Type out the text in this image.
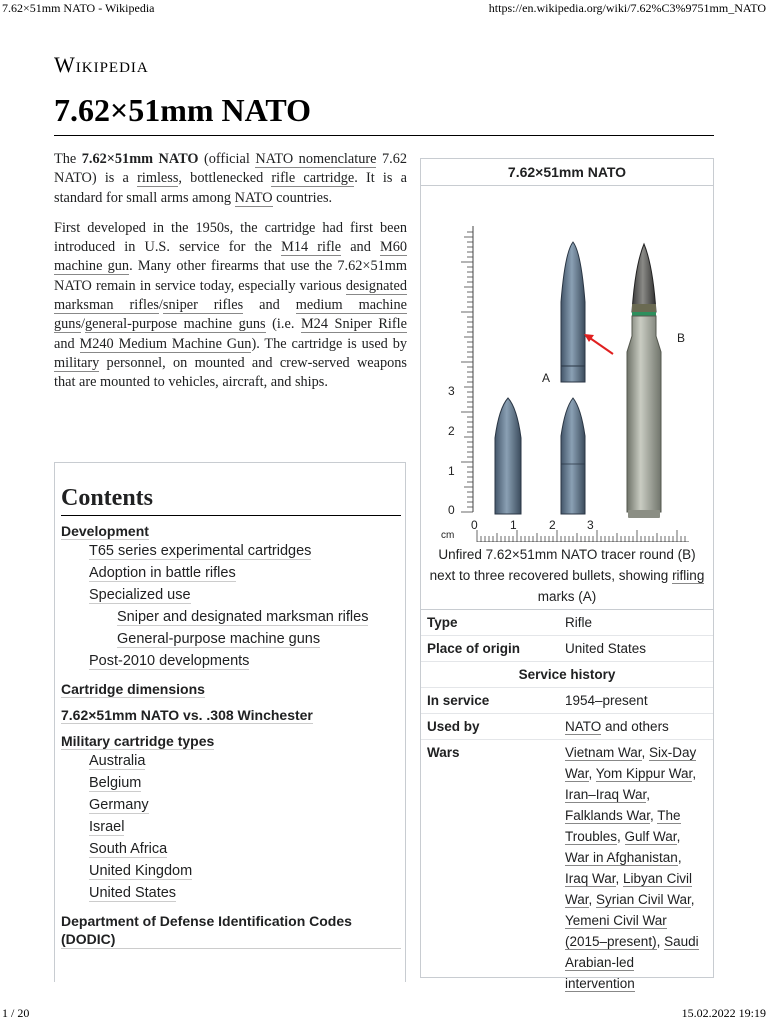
7.62×51mm NATO - Wikipedia	https://en.wikipedia.org/wiki/7.62%C3%9751mm_NATO
Wikipedia
7.62×51mm NATO

The 7.62×51mm NATO (official NATO nomenclature 7.62 NATO) is a rimless, bottlenecked rifle cartridge. It is a standard for small arms among NATO countries.

First developed in the 1950s, the cartridge had first been introduced in U.S. service for the M14 rifle and M60 machine gun. Many other firearms that use the 7.62×51mm NATO remain in service today, especially various designated marksman rifles/sniper rifles and medium machine guns/general-purpose machine guns (i.e. M24 Sniper Rifle and M240 Medium Machine Gun). The cartridge is used by military personnel, on mounted and crew-served weapons that are mounted to vehicles, aircraft, and ships.

Contents
Development
T65 series experimental cartridges
Adoption in battle rifles
Specialized use
Sniper and designated marksman rifles
General-purpose machine guns
Post-2010 developments
Cartridge dimensions
7.62×51mm NATO vs. .308 Winchester
Military cartridge types
Australia
Belgium
Germany
Israel
South Africa
United Kingdom
United States
Department of Defense Identification Codes (DODIC)
7.62×51mm NATO
A
B
cm
0
1
2
3
0	1	2	3
Unfired 7.62×51mm NATO tracer round (B) next to three recovered bullets, showing rifling marks (A)
Type	Rifle
Place of origin	United States
Service history
In service	1954–present
Used by	NATO and others
Wars	Vietnam War, Six-Day War, Yom Kippur War, Iran–Iraq War, Falklands War, The Troubles, Gulf War, War in Afghanistan, Iraq War, Libyan Civil War, Syrian Civil War, Yemeni Civil War (2015–present), Saudi Arabian-led intervention
1 / 20	15.02.2022 19:19
